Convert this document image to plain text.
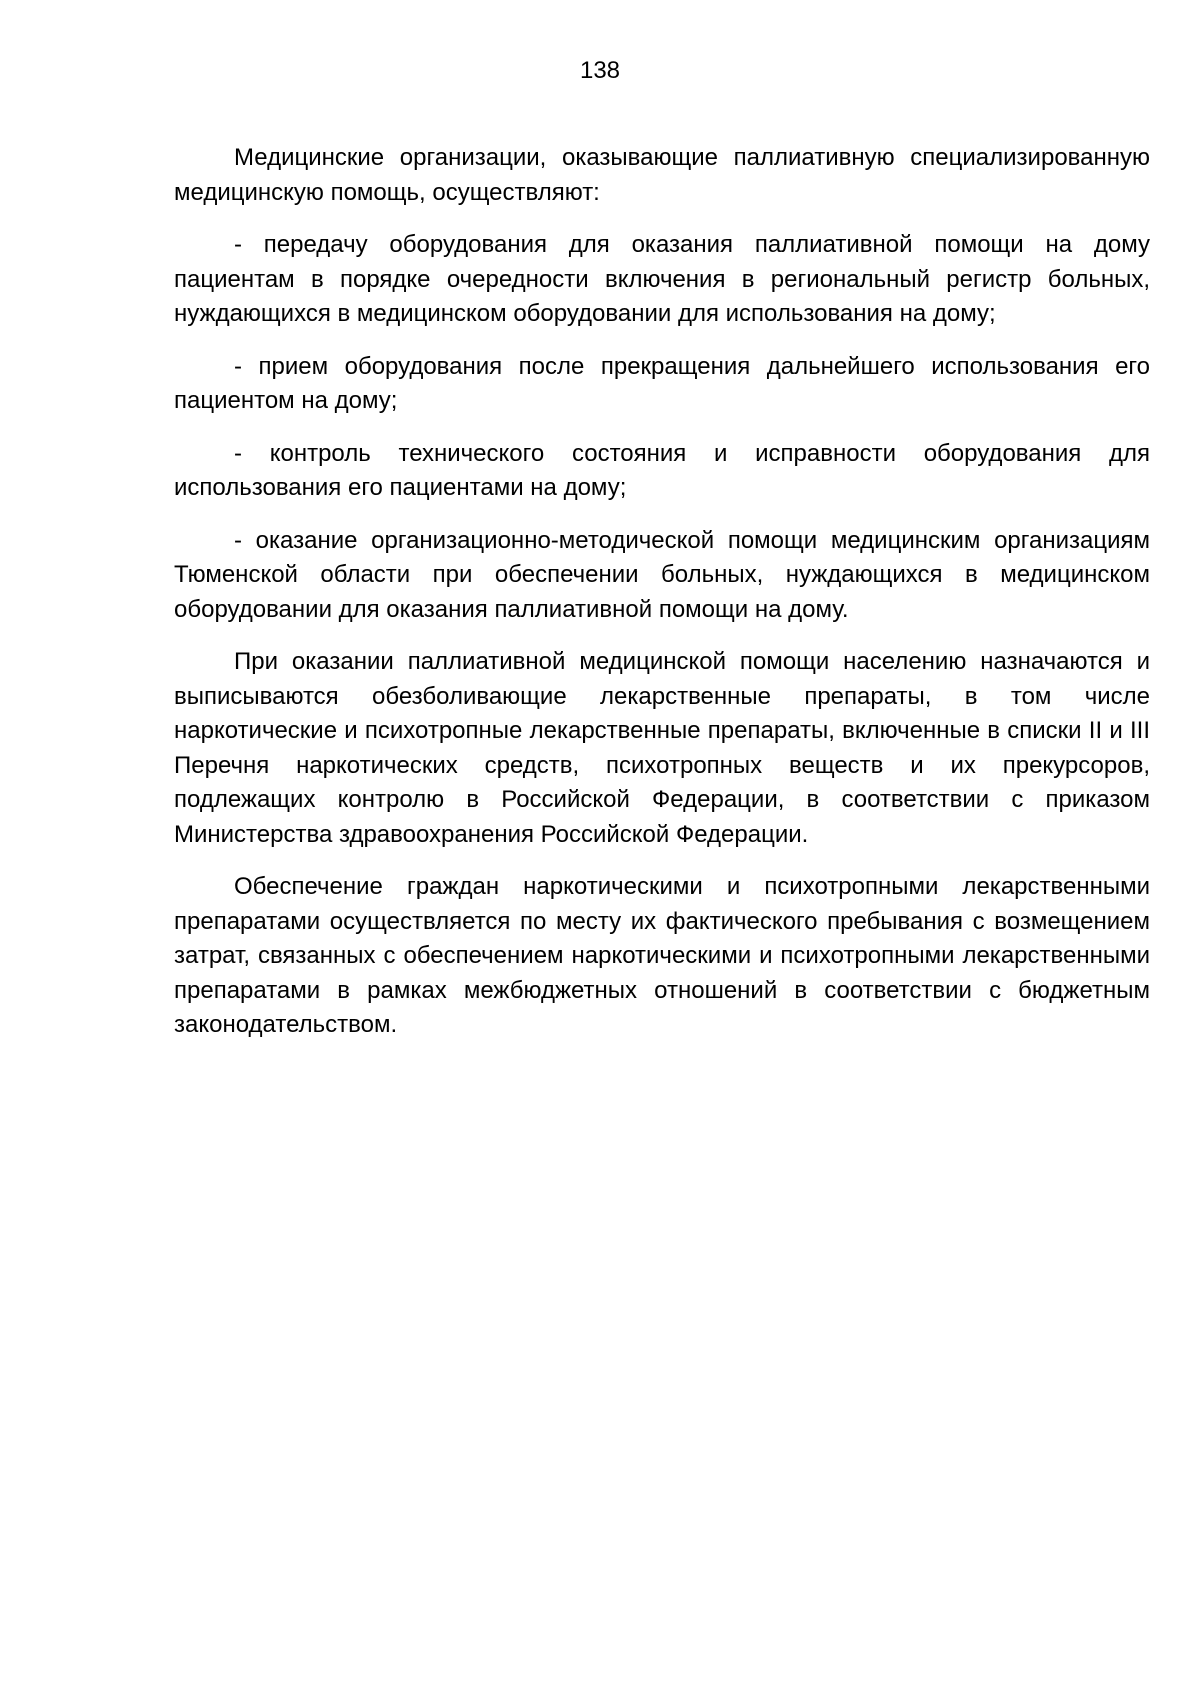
138

Медицинские организации, оказывающие паллиативную специализированную медицинскую помощь, осуществляют:

- передачу оборудования для оказания паллиативной помощи на дому пациентам в порядке очередности включения в региональный регистр больных, нуждающихся в медицинском оборудовании для использования на дому;

- прием оборудования после прекращения дальнейшего использования его пациентом на дому;

- контроль технического состояния и исправности оборудования для использования его пациентами на дому;

- оказание организационно-методической помощи медицинским организациям Тюменской области при обеспечении больных, нуждающихся в медицинском оборудовании для оказания паллиативной помощи на дому.

При оказании паллиативной медицинской помощи населению назначаются и выписываются обезболивающие лекарственные препараты, в том числе наркотические и психотропные лекарственные препараты, включенные в списки II и III Перечня наркотических средств, психотропных веществ и их прекурсоров, подлежащих контролю в Российской Федерации, в соответствии с приказом Министерства здравоохранения Российской Федерации.

Обеспечение граждан наркотическими и психотропными лекарственными препаратами осуществляется по месту их фактического пребывания с возмещением затрат, связанных с обеспечением наркотическими и психотропными лекарственными препаратами в рамках межбюджетных отношений в соответствии с бюджетным законодательством.
